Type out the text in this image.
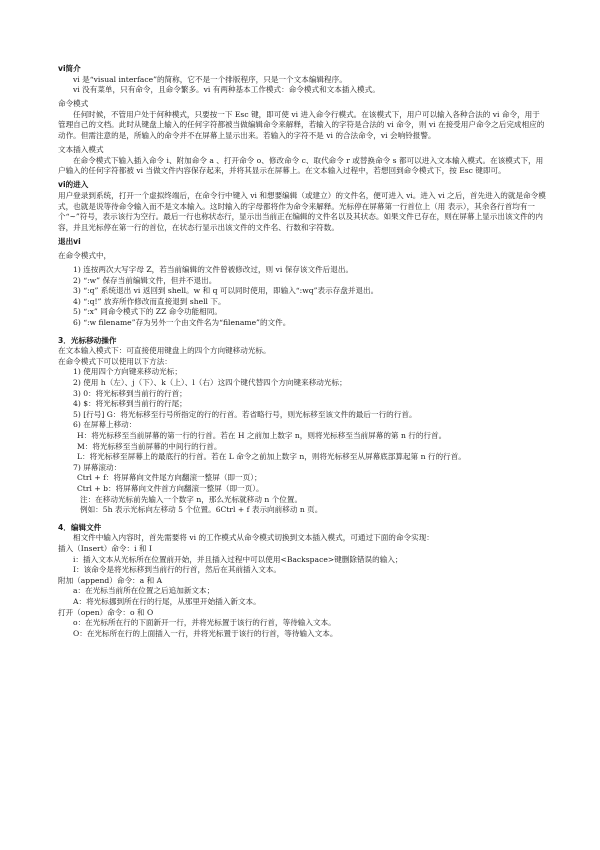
vi简介

vi 是“visual interface”的简称，它不是一个排版程序，只是一个文本编辑程序。

vi 没有菜单，只有命令，且命令繁多。vi 有两种基本工作模式：命令模式和文本插入模式。

命令模式

任何时候，不管用户处于何种模式，只要按一下 Esc 键，即可使 vi 进入命令行模式。在该模式下，用户可以输入各种合法的 vi 命令，用于管理自己的文档。此时从键盘上输入的任何字符都被当做编辑命令来解释，若输入的字符是合法的 vi 命令，则 vi 在接受用户命令之后完成相应的动作。但需注意的是，所输入的命令并不在屏幕上显示出来。若输入的字符不是 vi 的合法命令，vi 会响铃报警。

文本插入模式

在命令模式下输入插入命令 i、附加命令 a 、打开命令 o、修改命令 c、取代命令 r 或替换命令 s 都可以进入文本输入模式。在该模式下，用户输入的任何字符都被 vi 当做文件内容保存起来，并将其显示在屏幕上。在文本输入过程中，若想回到命令模式下，按 Esc 键即可。

vi的进入

用户登录到系统，打开一个虚拟终端后，在命令行中键入 vi 和想要编辑（或建立）的文件名，便可进入 vi。进入 vi 之后，首先进入的就是命令模式，也就是说等待命令输入而不是文本输入。这时输入的字母都将作为命令来解释。光标停在屏幕第一行首位上（用 表示），其余各行首均有一个“~”符号，表示该行为空行。最后一行也称状态行，显示出当前正在编辑的文件名以及其状态。如果文件已存在，则在屏幕上显示出该文件的内容，并且光标停在第一行的首位，在状态行显示出该文件的文件名、行数和字符数。

退出vi

在命令模式中，

1) 连按两次大写字母 Z，若当前编辑的文件曾被修改过，则 vi 保存该文件后退出。

2) “:w” 保存当前编辑文件，但并不退出。

3) “:q” 系统退出 vi 返回到 shell。w 和 q 可以同时使用，即输入“:wq”表示存盘并退出。

4) “:q!” 放弃所作修改而直接退到 shell 下。

5) “:x” 同命令模式下的 ZZ 命令功能相同。

6) “:w filename”存为另外一个由文件名为“filename”的文件。

3．光标移动操作

在文本输入模式下：可直接使用键盘上的四个方向键移动光标。

在命令模式下可以使用以下方法：

1) 使用四个方向键来移动光标；

2) 使用 h（左）、j（下）、k（上）、l（右）这四个键代替四个方向键来移动光标；

3) 0：将光标移到当前行的行首；

4) $：将光标移到当前行的行尾；

5) [行号] G：将光标移至行号所指定的行的行首。若省略行号，则光标移至该文件的最后一行的行首。

6) 在屏幕上移动：

H：将光标移至当前屏幕的第一行的行首。若在 H 之前加上数字 n，则将光标移至当前屏幕的第 n 行的行首。

M：将光标移至当前屏幕的中间行的行首。

L：将光标移至屏幕上的最底行的行首。若在 L 命令之前加上数字 n，则将光标移至从屏幕底部算起第 n 行的行首。

7) 屏幕滚动：

Ctrl + f：将屏幕向文件尾方向翻滚一整屏（即一页）；

Ctrl + b：将屏幕向文件首方向翻滚一整屏（即一页）。

注：在移动光标前先输入一个数字 n，那么光标就移动 n 个位置。

例如：5h 表示光标向左移动 5 个位置。6Ctrl + f 表示向前移动 n 页。

4．编辑文件

相文件中输入内容时，首先需要将 vi 的工作模式从命令模式切换到文本插入模式，可通过下面的命令实现：

插入（Insert）命令：i 和 I

i：插入文本从光标所在位置前开始，并且插入过程中可以使用<Backspace>键删除错误的输入；

I：该命令是将光标移到当前行的行首，然后在其前插入文本。

附加（append）命令：a 和 A

a：在光标当前所在位置之后追加新文本；

A：将光标挪到所在行的行尾，从那里开始插入新文本。

打开（open）命令：o 和 O

o：在光标所在行的下面新开一行，并将光标置于该行的行首，等待输入文本。

O：在光标所在行的上面插入一行，并将光标置于该行的行首，等待输入文本。
